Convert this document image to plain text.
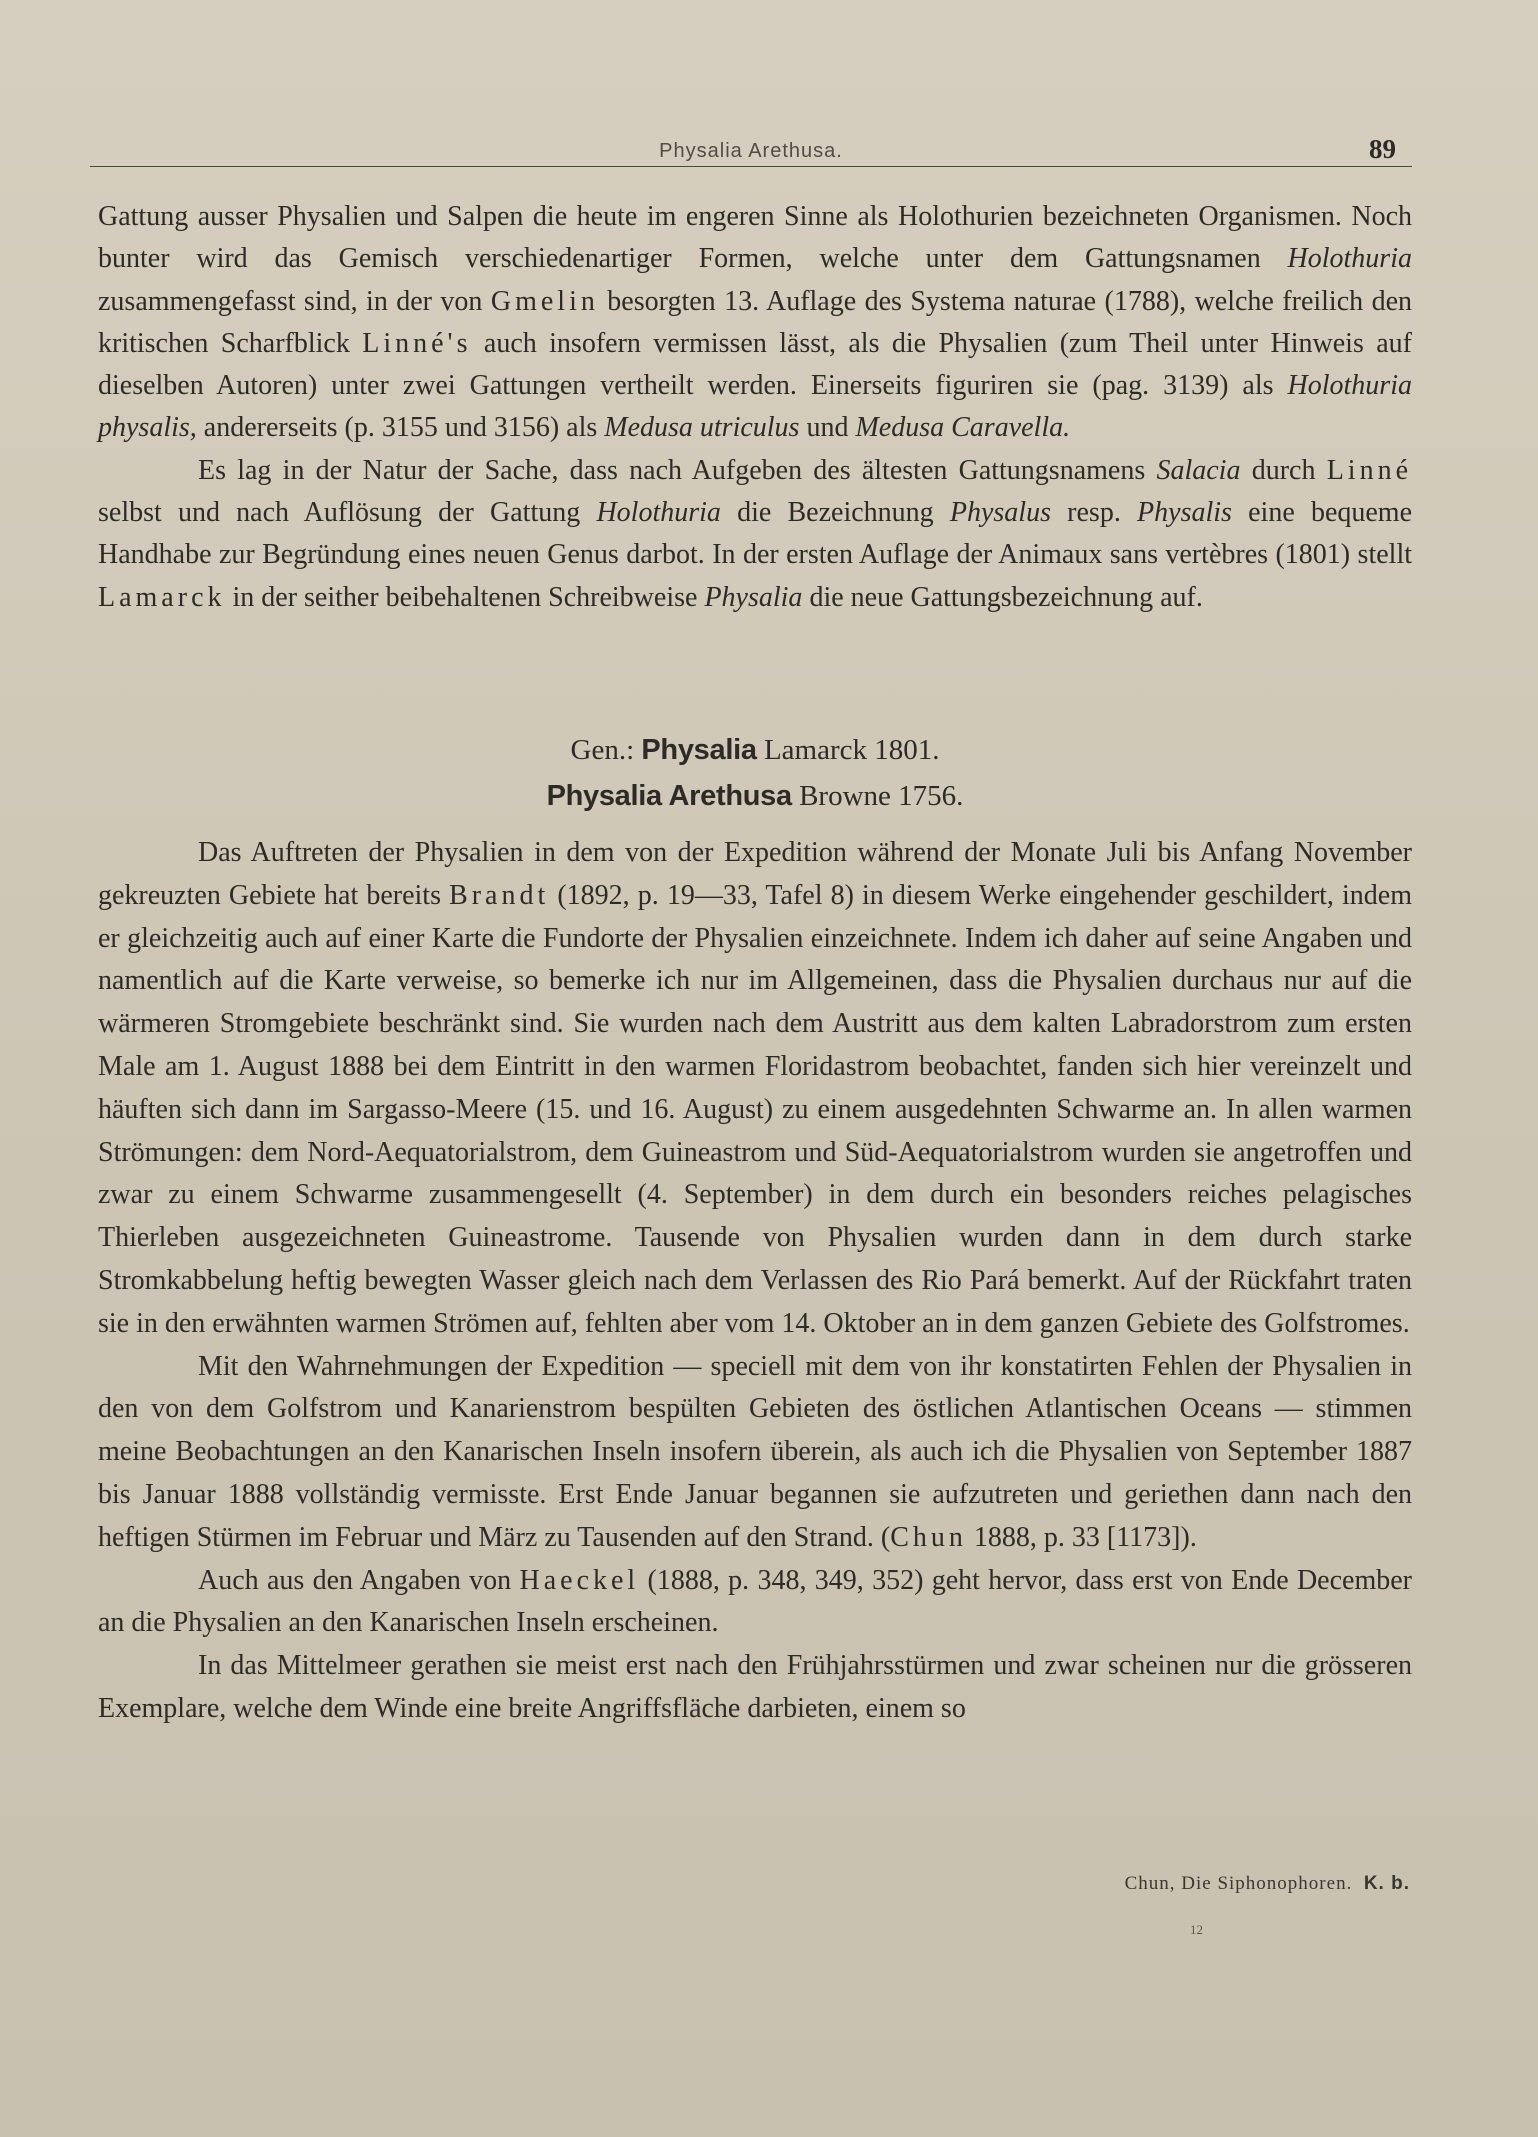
Physalia Arethusa.	89

Gattung ausser Physalien und Salpen die heute im engeren Sinne als Holothurien bezeichneten Organismen. Noch bunter wird das Gemisch verschiedenartiger Formen, welche unter dem Gattungsnamen Holothuria zusammengefasst sind, in der von Gmelin besorgten 13. Auflage des Systema naturae (1788), welche freilich den kritischen Scharfblick Linné's auch insofern vermissen lässt, als die Physalien (zum Theil unter Hinweis auf dieselben Autoren) unter zwei Gattungen vertheilt werden. Einerseits figuriren sie (pag. 3139) als Holothuria physalis, andererseits (p. 3155 und 3156) als Medusa utriculus und Medusa Caravella.

Es lag in der Natur der Sache, dass nach Aufgeben des ältesten Gattungsnamens Salacia durch Linné selbst und nach Auflösung der Gattung Holothuria die Bezeichnung Physalus resp. Physalis eine bequeme Handhabe zur Begründung eines neuen Genus darbot. In der ersten Auflage der Animaux sans vertèbres (1801) stellt Lamarck in der seither beibehaltenen Schreibweise Physalia die neue Gattungsbezeichnung auf.

Gen.: Physalia Lamarck 1801.
Physalia Arethusa Browne 1756.

Das Auftreten der Physalien in dem von der Expedition während der Monate Juli bis Anfang November gekreuzten Gebiete hat bereits Brandt (1892, p. 19—33, Tafel 8) in diesem Werke eingehender geschildert, indem er gleichzeitig auch auf einer Karte die Fundorte der Physalien einzeichnete. Indem ich daher auf seine Angaben und namentlich auf die Karte verweise, so bemerke ich nur im Allgemeinen, dass die Physalien durchaus nur auf die wärmeren Stromgebiete beschränkt sind. Sie wurden nach dem Austritt aus dem kalten Labradorstrom zum ersten Male am 1. August 1888 bei dem Eintritt in den warmen Floridastrom beobachtet, fanden sich hier vereinzelt und häuften sich dann im Sargasso-Meere (15. und 16. August) zu einem ausgedehnten Schwarme an. In allen warmen Strömungen: dem Nord-Aequatorialstrom, dem Guineastrom und Süd-Aequatorialstrom wurden sie angetroffen und zwar zu einem Schwarme zusammengesellt (4. September) in dem durch ein besonders reiches pelagisches Thierleben ausgezeichneten Guineastrome. Tausende von Physalien wurden dann in dem durch starke Stromkabbelung heftig bewegten Wasser gleich nach dem Verlassen des Rio Pará bemerkt. Auf der Rückfahrt traten sie in den erwähnten warmen Strömen auf, fehlten aber vom 14. Oktober an in dem ganzen Gebiete des Golfstromes.

Mit den Wahrnehmungen der Expedition — speciell mit dem von ihr konstatirten Fehlen der Physalien in den von dem Golfstrom und Kanarienstrom bespülten Gebieten des östlichen Atlantischen Oceans — stimmen meine Beobachtungen an den Kanarischen Inseln insofern überein, als auch ich die Physalien von September 1887 bis Januar 1888 vollständig vermisste. Erst Ende Januar begannen sie aufzutreten und geriethen dann nach den heftigen Stürmen im Februar und März zu Tausenden auf den Strand. (Chun 1888, p. 33 [1173]).

Auch aus den Angaben von Haeckel (1888, p. 348, 349, 352) geht hervor, dass erst von Ende December an die Physalien an den Kanarischen Inseln erscheinen.

In das Mittelmeer gerathen sie meist erst nach den Frühjahrsstürmen und zwar scheinen nur die grösseren Exemplare, welche dem Winde eine breite Angriffsfläche darbieten, einem so

Chun, Die Siphonophoren. K. b.
12
